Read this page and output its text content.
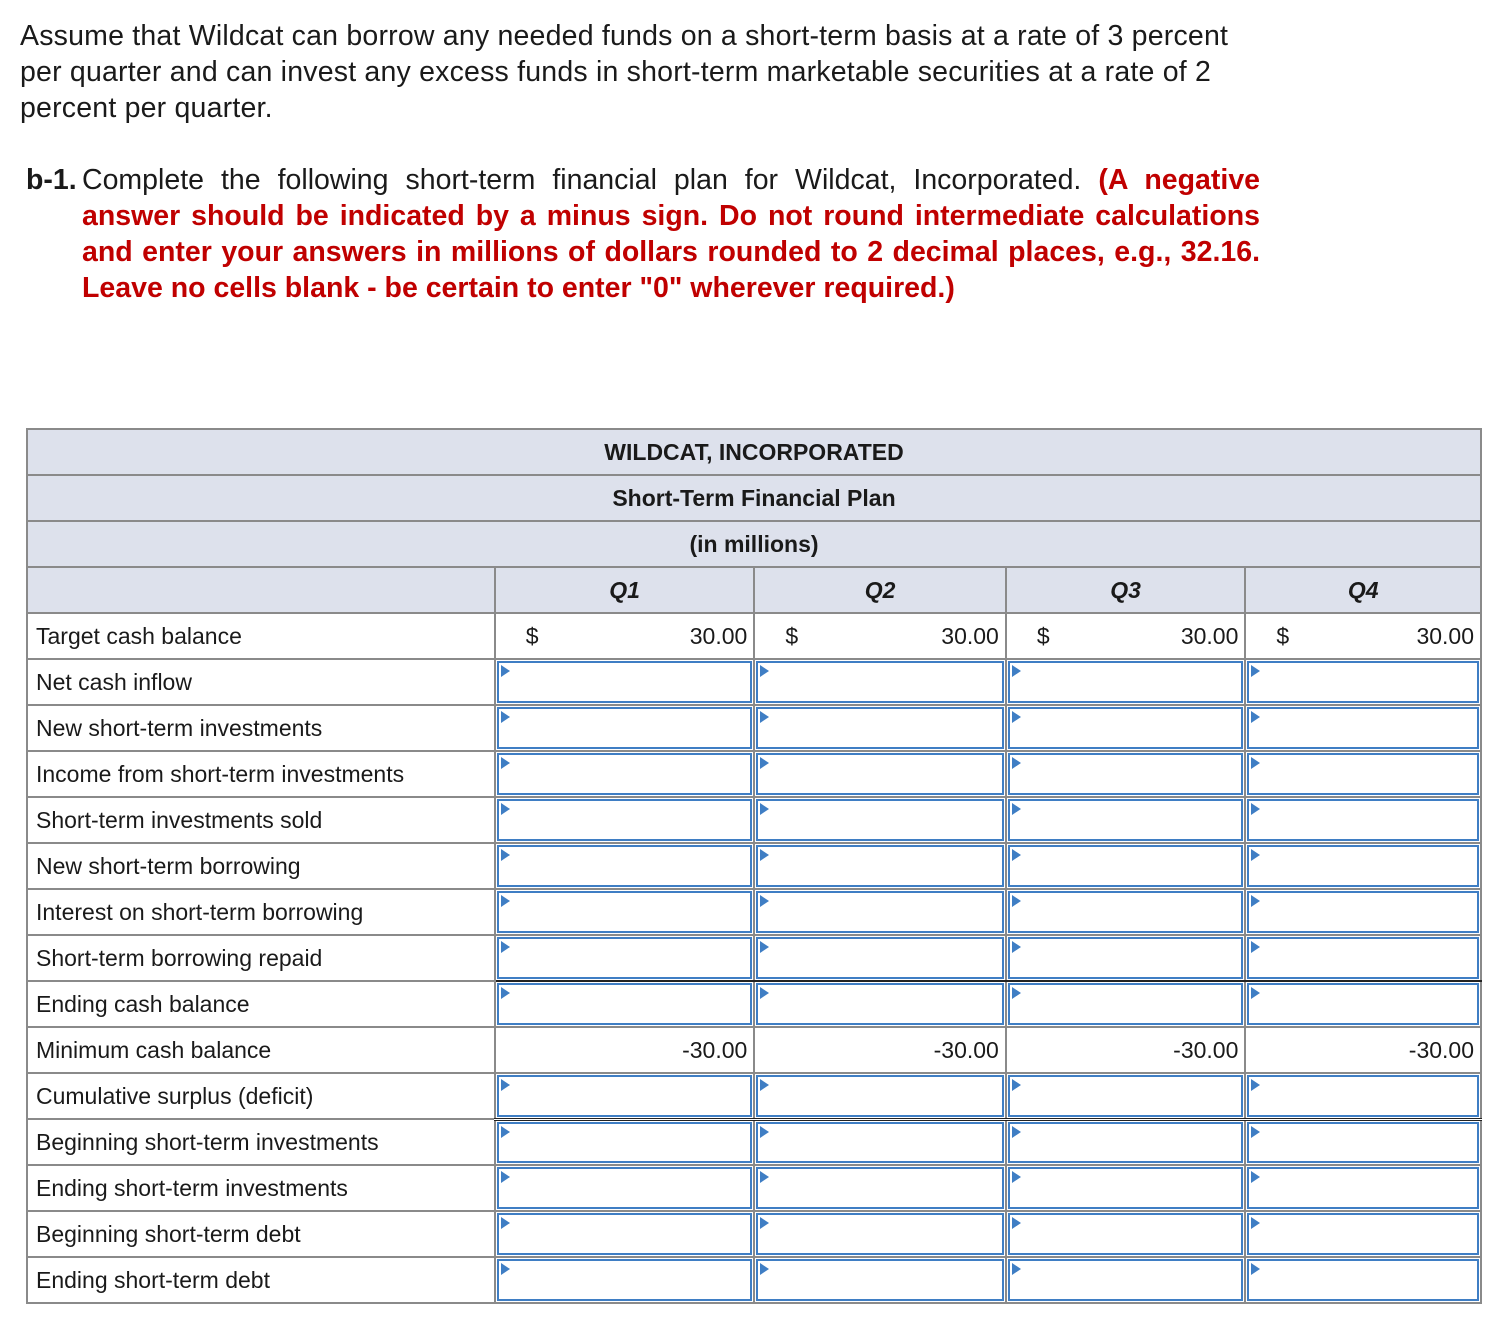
Assume that Wildcat can borrow any needed funds on a short-term basis at a rate of 3 percent per quarter and can invest any excess funds in short-term marketable securities at a rate of 2 percent per quarter.
b-1. Complete the following short-term financial plan for Wildcat, Incorporated. (A negative answer should be indicated by a minus sign. Do not round intermediate calculations and enter your answers in millions of dollars rounded to 2 decimal places, e.g., 32.16. Leave no cells blank - be certain to enter "0" wherever required.)
WILDCAT, INCORPORATED				
Short-Term Financial Plan				
(in millions)				
	Q1	Q2	Q3	Q4
Target cash balance	$ 30.00	$ 30.00	$ 30.00	$ 30.00

Net cash inflow	

New short-term investments	

Income from short-term investments	

Short-term investments sold	

New short-term borrowing	

Interest on short-term borrowing	

Short-term borrowing repaid	

Ending cash balance	

Minimum cash balance	-30.00	-30.00	-30.00	-30.00

Cumulative surplus (deficit)	

Beginning short-term investments	

Ending short-term investments	

Beginning short-term debt	

Ending short-term debt	
